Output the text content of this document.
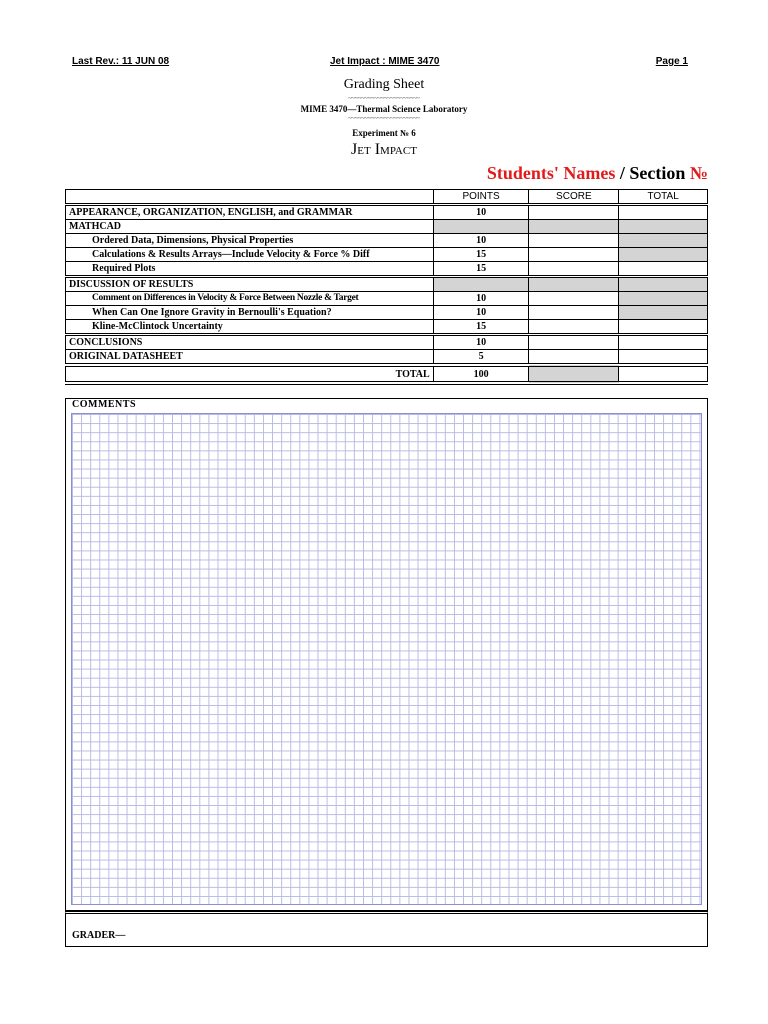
Last Rev.: 11 JUN 08	Jet Impact : MIME 3470	Page 1
Grading Sheet
~~~~~~~~~~~~~~~~~~~~~~
MIME 3470—Thermal Science Laboratory
~~~~~~~~~~~~~~~~~~~~~~
Experiment № 6
Jet Impact
Students' Names / Section №
	POINTS	SCORE	TOTAL
APPEARANCE, ORGANIZATION, ENGLISH, and GRAMMAR	10		
MATHCAD			
Ordered Data, Dimensions, Physical Properties	10		
Calculations & Results Arrays—Include Velocity & Force % Diff	15		
Required Plots	15		
DISCUSSION OF RESULTS			
Comment on Differences in Velocity & Force Between Nozzle & Target	10		
When Can One Ignore Gravity in Bernoulli's Equation?	10		
Kline-McClintock Uncertainty	15		
CONCLUSIONS	10		
ORIGINAL DATASHEET	5		
TOTAL	100		
COMMENTS
GRADER—
